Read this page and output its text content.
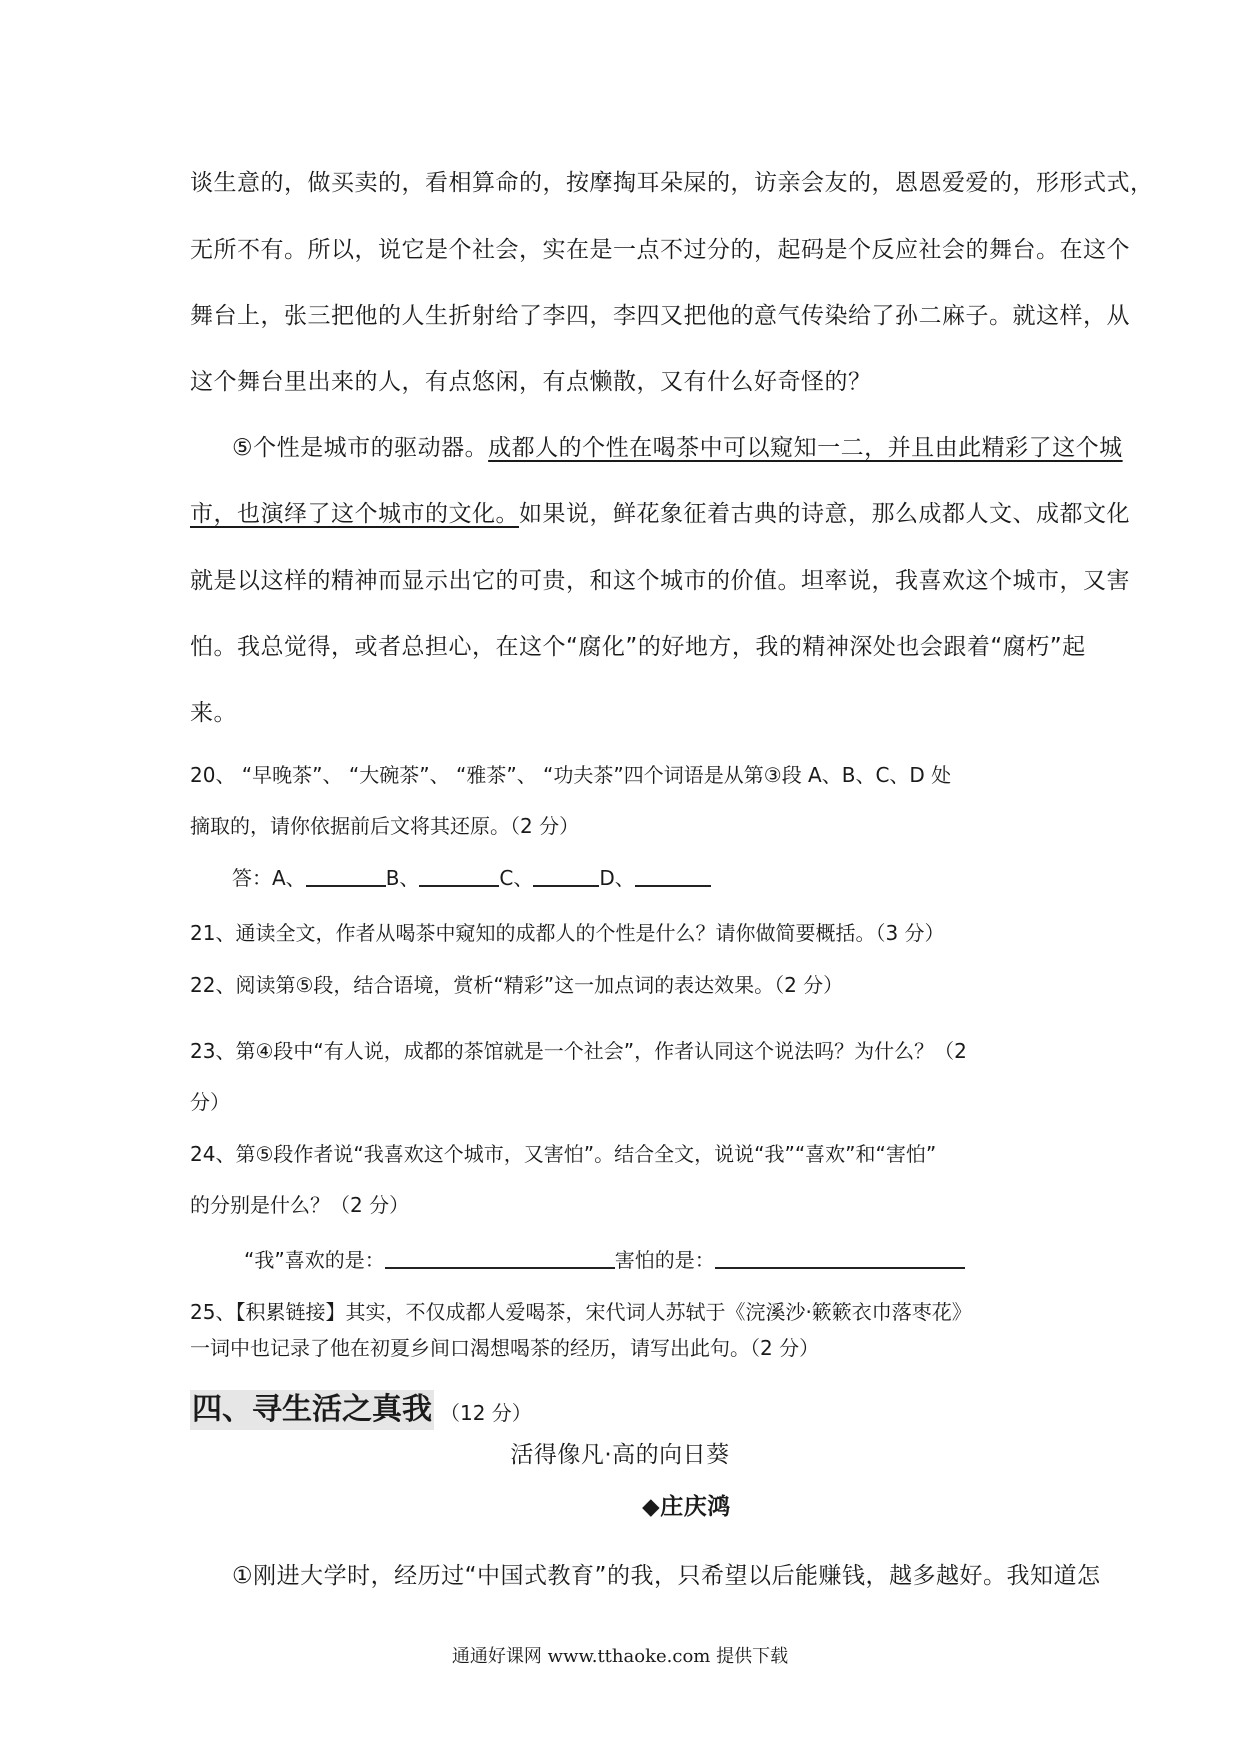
谈生意的，做买卖的，看相算命的，按摩掏耳朵屎的，访亲会友的，恩恩爱爱的，形形式式，
无所不有。所以，说它是个社会，实在是一点不过分的，起码是个反应社会的舞台。在这个
舞台上，张三把他的人生折射给了李四，李四又把他的意气传染给了孙二麻子。就这样，从
这个舞台里出来的人，有点悠闲，有点懒散，又有什么好奇怪的？
⑤个性是城市的驱动器。成都人的个性在喝茶中可以窥知一二，并且由此精彩了这个城
市，也演绎了这个城市的文化。如果说，鲜花象征着古典的诗意，那么成都人文、成都文化
就是以这样的精神而显示出它的可贵，和这个城市的价值。坦率说，我喜欢这个城市，又害
怕。我总觉得，或者总担心，在这个“腐化”的好地方，我的精神深处也会跟着“腐朽”起
来。
20、 “早晚茶”、 “大碗茶”、 “雅茶”、 “功夫茶”四个词语是从第③段 A、B、C、D 处
摘取的，请你依据前后文将其还原。（2 分）
答：A、	B、	C、	D、
21、通读全文，作者从喝茶中窥知的成都人的个性是什么？请你做简要概括。（3 分）
22、阅读第⑤段，结合语境，赏析“精彩”这一加点词的表达效果。（2 分）
23、第④段中“有人说，成都的茶馆就是一个社会”，作者认同这个说法吗？为什么？（2
分）
24、第⑤段作者说“我喜欢这个城市，又害怕”。结合全文，说说“我”“喜欢”和“害怕”
的分别是什么？（2 分）
“我”喜欢的是：	害怕的是：
25、【积累链接】其实，不仅成都人爱喝茶，宋代词人苏轼于《浣溪沙·簌簌衣巾落枣花》
一词中也记录了他在初夏乡间口渴想喝茶的经历，请写出此句。（2 分）
四、寻生活之真我 （12 分）
活得像凡·高的向日葵
◆庄庆鸿
①刚进大学时，经历过“中国式教育”的我，只希望以后能赚钱，越多越好。我知道怎
通通好课网 www.tthaoke.com 提供下载
